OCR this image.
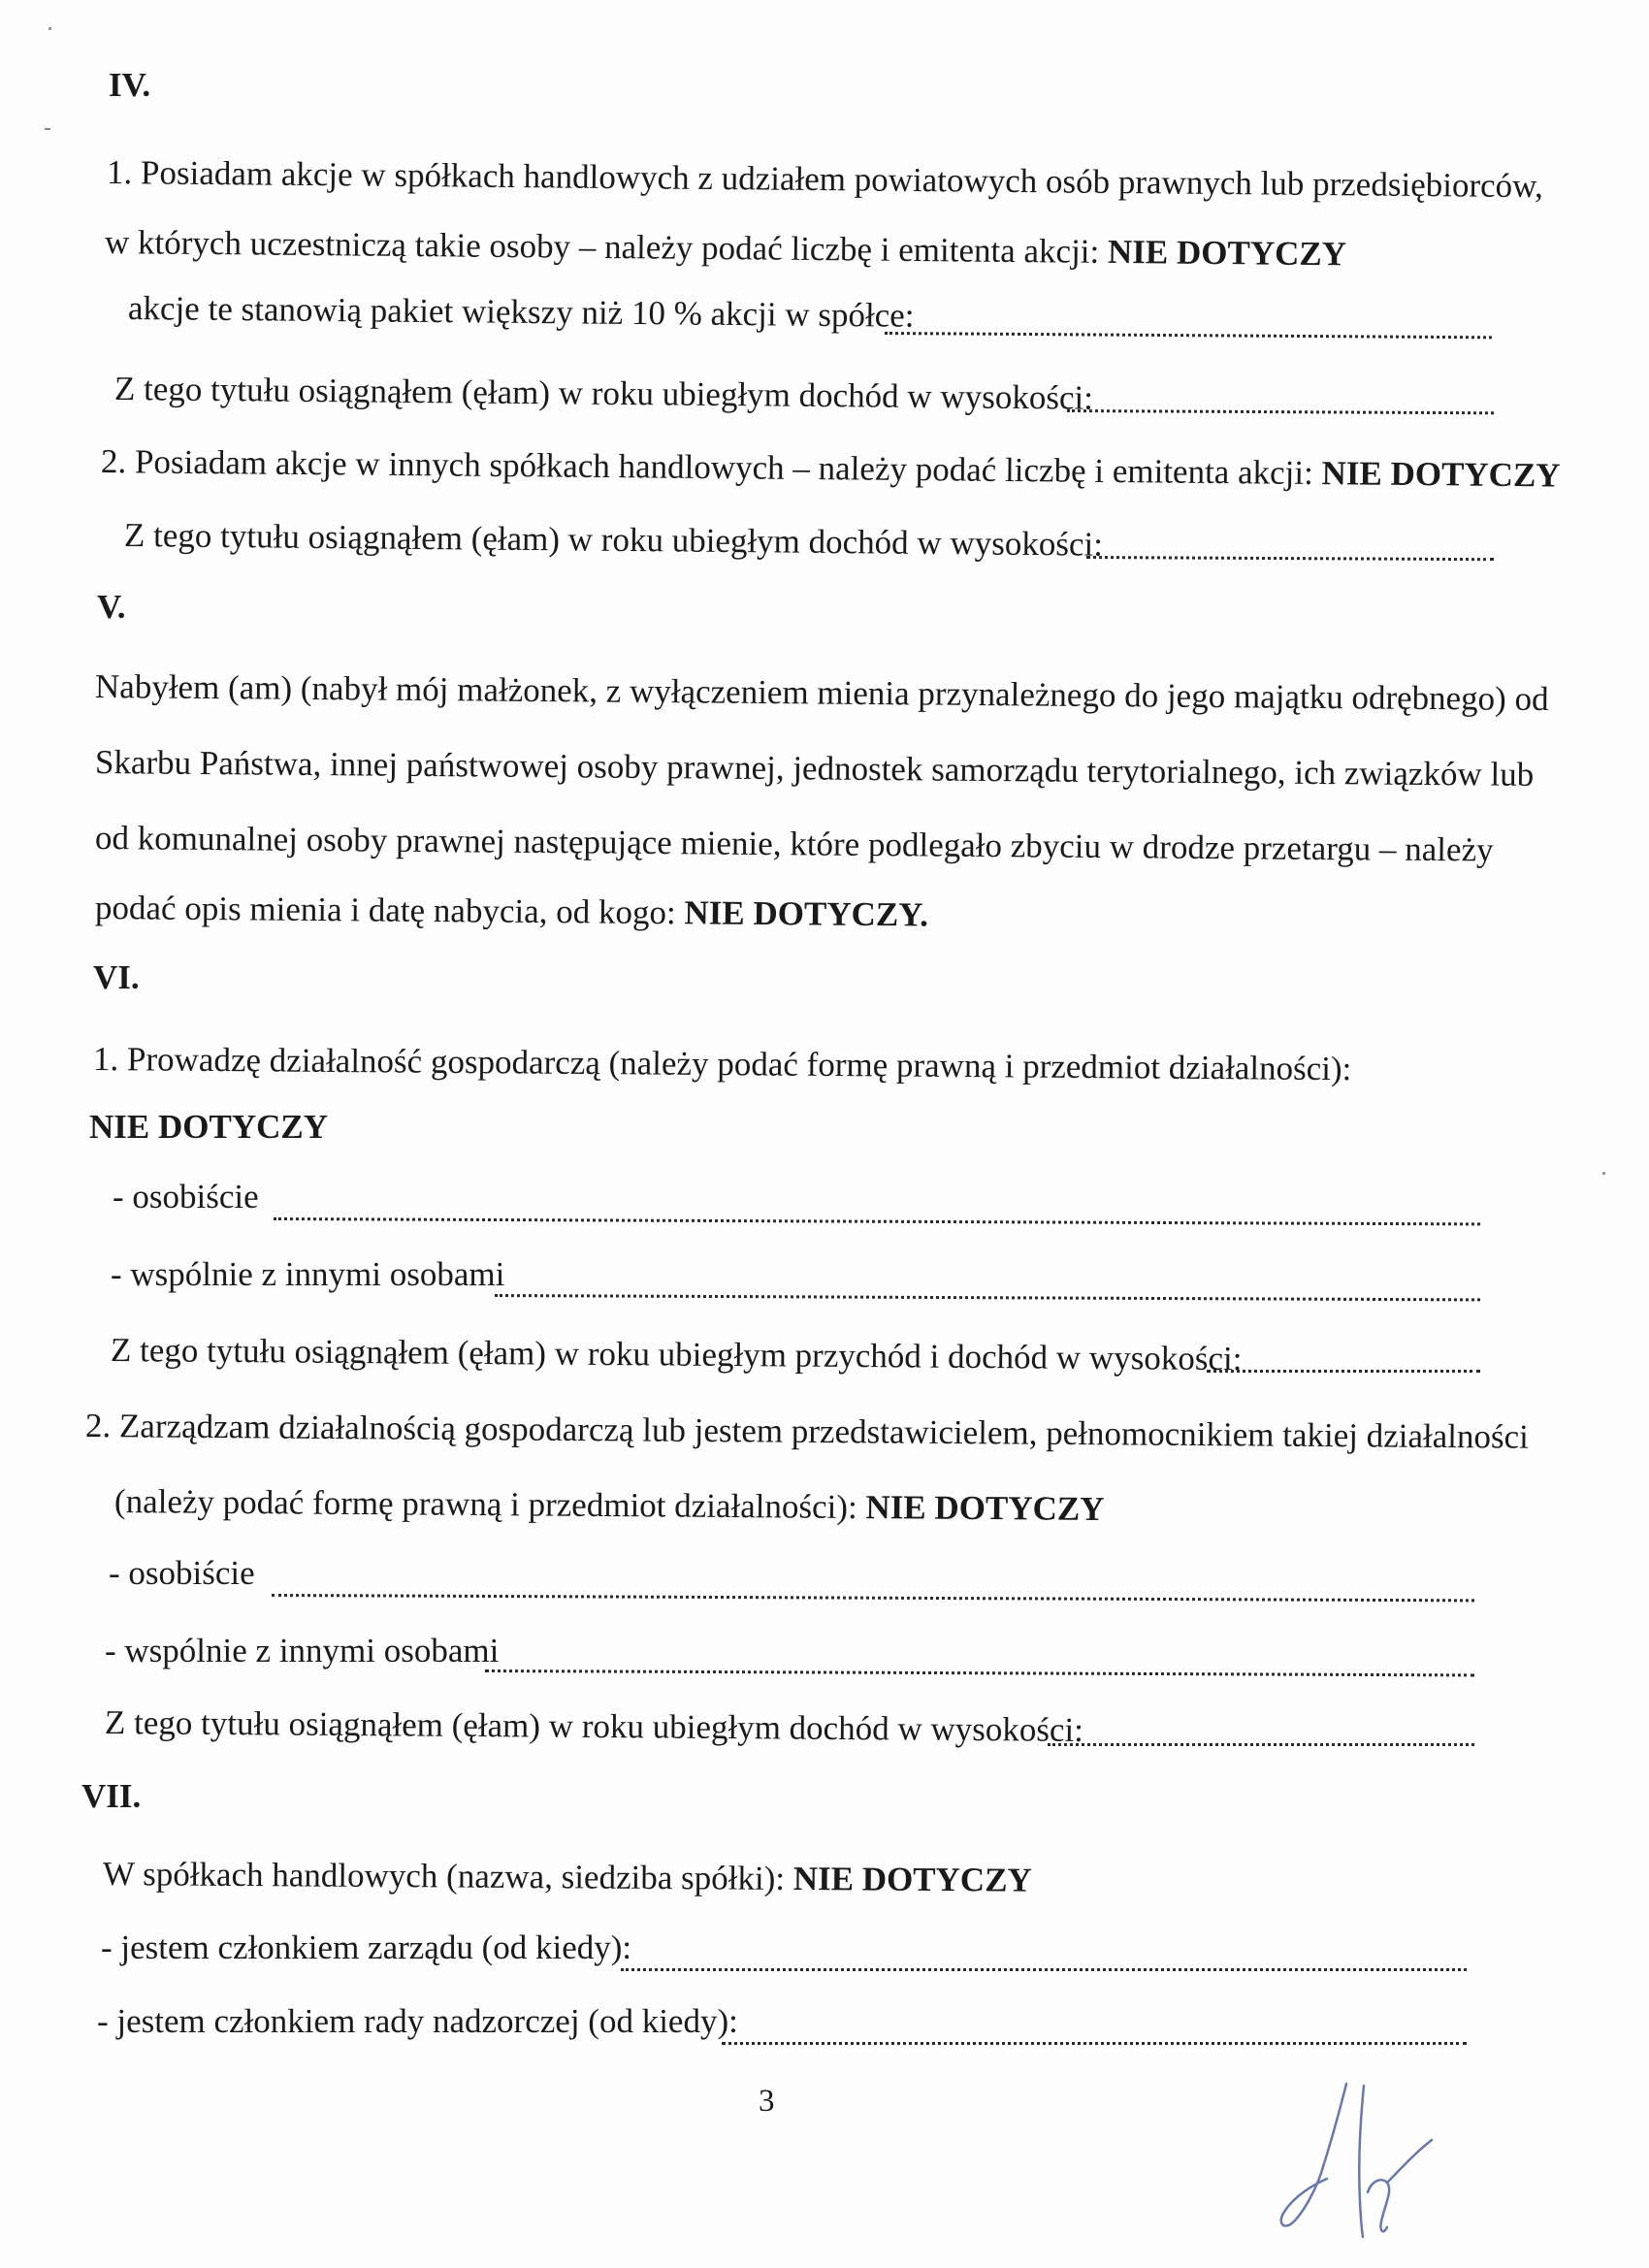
IV.
1. Posiadam akcje w spółkach handlowych z udziałem powiatowych osób prawnych lub przedsiębiorców,
w których uczestniczą takie osoby – należy podać liczbę i emitenta akcji: NIE DOTYCZY
akcje te stanowią pakiet większy niż 10 % akcji w spółce:
Z tego tytułu osiągnąłem (ęłam) w roku ubiegłym dochód w wysokości:
2. Posiadam akcje w innych spółkach handlowych – należy podać liczbę i emitenta akcji: NIE DOTYCZY
Z tego tytułu osiągnąłem (ęłam) w roku ubiegłym dochód w wysokości:
V.
Nabyłem (am) (nabył mój małżonek, z wyłączeniem mienia przynależnego do jego majątku odrębnego) od
Skarbu Państwa, innej państwowej osoby prawnej, jednostek samorządu terytorialnego, ich związków lub
od komunalnej osoby prawnej następujące mienie, które podlegało zbyciu w drodze przetargu – należy
podać opis mienia i datę nabycia, od kogo: NIE DOTYCZY.
VI.
1. Prowadzę działalność gospodarczą (należy podać formę prawną i przedmiot działalności):
NIE DOTYCZY
- osobiście
- wspólnie z innymi osobami
Z tego tytułu osiągnąłem (ęłam) w roku ubiegłym przychód i dochód w wysokości:
2. Zarządzam działalnością gospodarczą lub jestem przedstawicielem, pełnomocnikiem takiej działalności
(należy podać formę prawną i przedmiot działalności): NIE DOTYCZY
- osobiście
- wspólnie z innymi osobami
Z tego tytułu osiągnąłem (ęłam) w roku ubiegłym dochód w wysokości:
VII.
W spółkach handlowych (nazwa, siedziba spółki): NIE DOTYCZY
- jestem członkiem zarządu (od kiedy):
- jestem członkiem rady nadzorczej (od kiedy):
3
